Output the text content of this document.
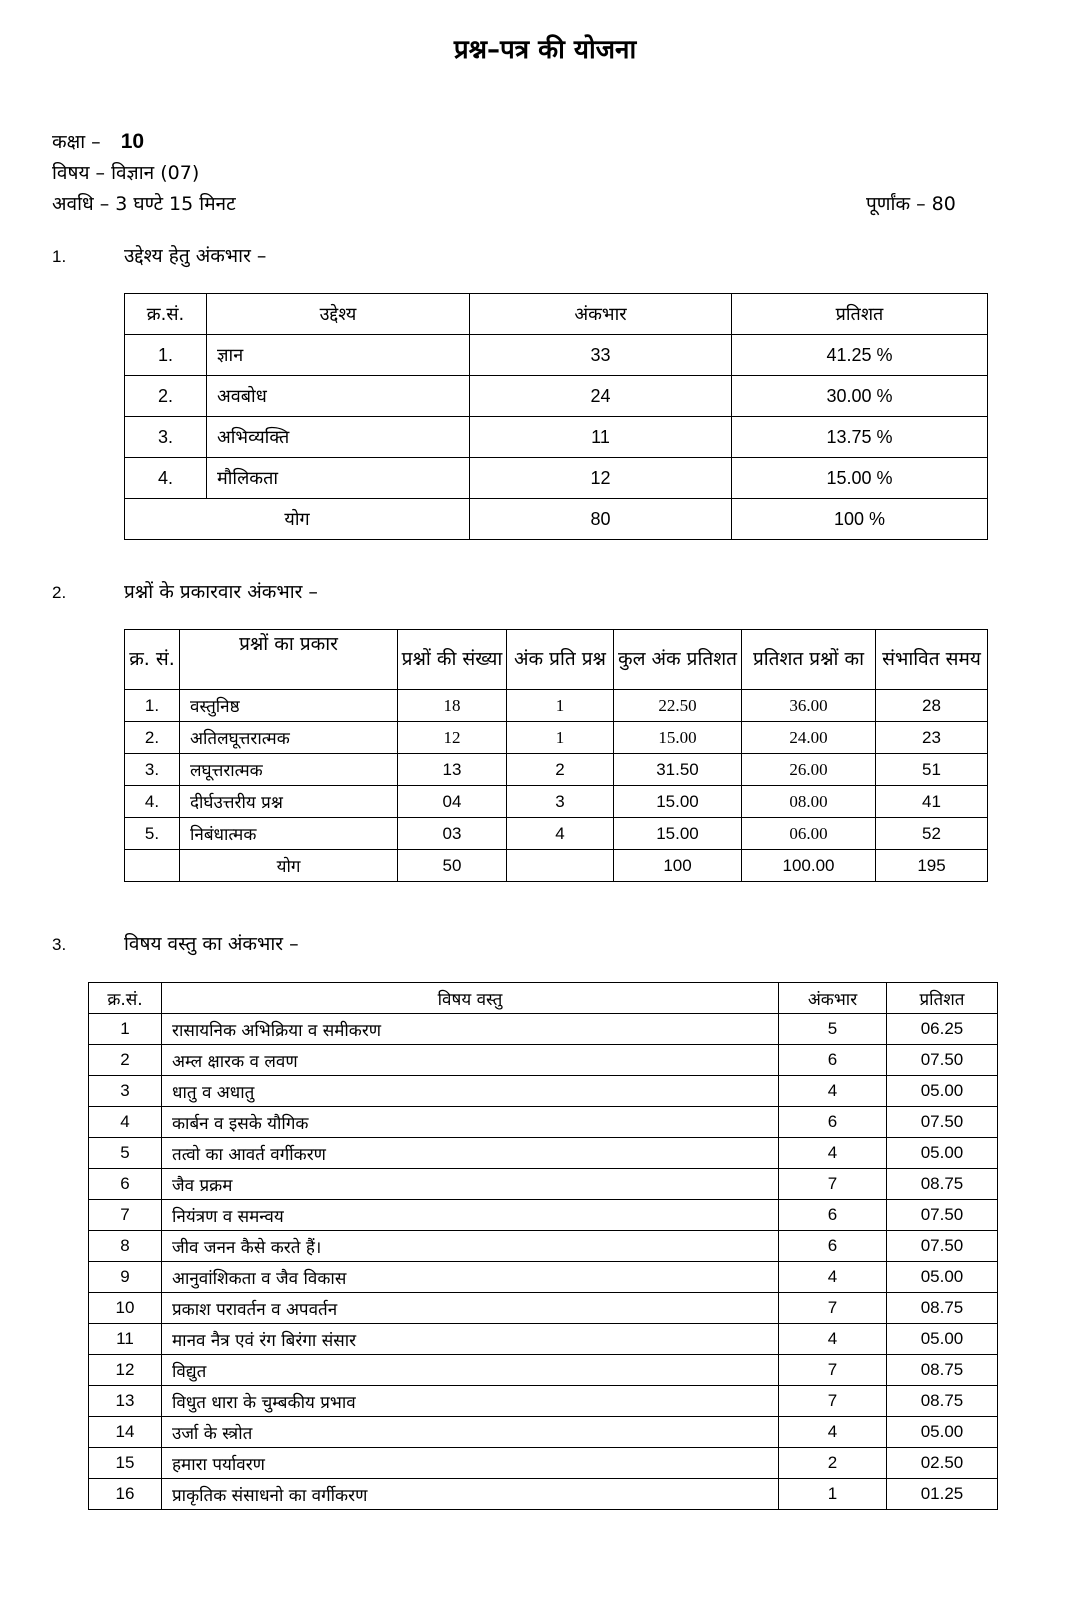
प्रश्न–पत्र की योजना
कक्षा – 10
विषय – विज्ञान (07)
अवधि – 3 घण्टे 15 मिनट	पूर्णांक – 80
1.	उद्देश्य हेतु अंकभार –
क्र.सं.	उद्देश्य	अंकभार	प्रतिशत
1.	ज्ञान	33	41.25 %
2.	अवबोध	24	30.00 %
3.	अभिव्यक्ति	11	13.75 %
4.	मौलिकता	12	15.00 %
योग		80	100 %
2.	प्रश्नों के प्रकारवार अंकभार –
क्र. सं.	प्रश्नों का प्रकार	प्रश्नों की संख्या	अंक प्रति प्रश्न	कुल अंक प्रतिशत	प्रतिशत प्रश्नों का	संभावित समय
1.	वस्तुनिष्ठ	18	1	22.50	36.00	28
2.	अतिलघूत्तरात्मक	12	1	15.00	24.00	23
3.	लघूत्तरात्मक	13	2	31.50	26.00	51
4.	दीर्घउत्तरीय प्रश्न	04	3	15.00	08.00	41
5.	निबंधात्मक	03	4	15.00	06.00	52
	योग	50		100	100.00	195
3.	विषय वस्तु का अंकभार –
क्र.सं.	विषय वस्तु	अंकभार	प्रतिशत
1	रासायनिक अभिक्रिया व समीकरण	5	06.25
2	अम्ल क्षारक व लवण	6	07.50
3	धातु व अधातु	4	05.00
4	कार्बन व इसके यौगिक	6	07.50
5	तत्वो का आवर्त वर्गीकरण	4	05.00
6	जैव प्रक्रम	7	08.75
7	नियंत्रण व समन्वय	6	07.50
8	जीव जनन कैसे करते हैं।	6	07.50
9	आनुवांशिकता व जैव विकास	4	05.00
10	प्रकाश परावर्तन व अपवर्तन	7	08.75
11	मानव नैत्र एवं रंग बिरंगा संसार	4	05.00
12	विद्युत	7	08.75
13	विधुत धारा के चुम्बकीय प्रभाव	7	08.75
14	उर्जा के स्त्रोत	4	05.00
15	हमारा पर्यावरण	2	02.50
16	प्राकृतिक संसाधनो का वर्गीकरण	1	01.25
